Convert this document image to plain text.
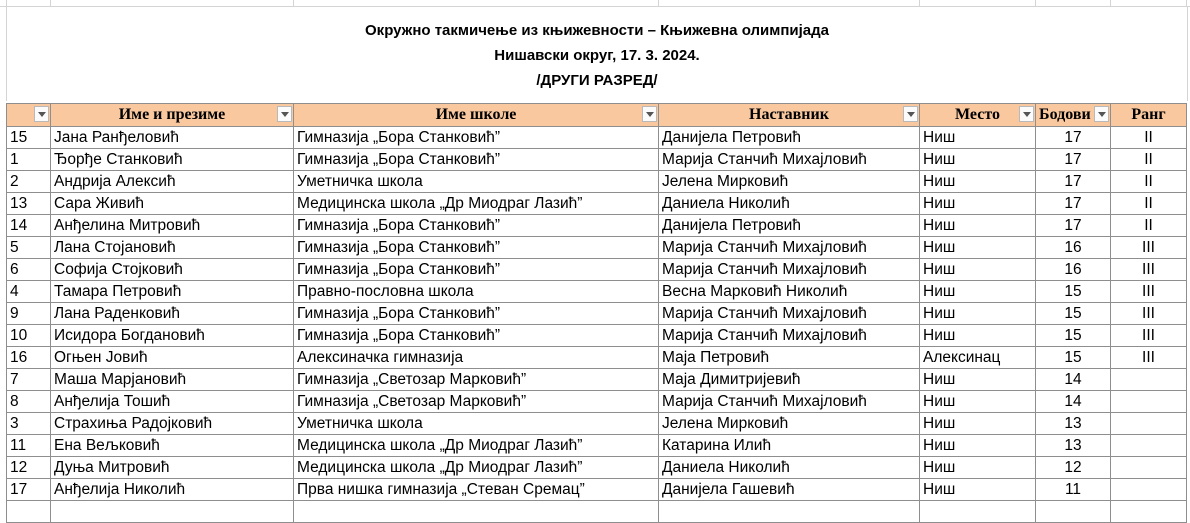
Окружно такмичење из књижевности – Књижевна олимпијада
Нишавски округ, 17. 3. 2024.
/ДРУГИ РАЗРЕД/
	Име и презиме	Име школе	Наставник	Место	Бодови	Ранг
15	Јана Ранђеловић	Гимназија „Бора Станковић”	Данијела Петровић	Ниш	17	II
1	Ђорђе Станковић	Гимназија „Бора Станковић”	Марија Станчић Михајловић	Ниш	17	II
2	Андрија Алексић	Уметничка школа	Јелена Мирковић	Ниш	17	II
13	Сара Живић	Медицинска школа „Др Миодраг Лазић”	Даниела Николић	Ниш	17	II
14	Анђелина Митровић	Гимназија „Бора Станковић”	Данијела Петровић	Ниш	17	II
5	Лана Стојановић	Гимназија „Бора Станковић”	Марија Станчић Михајловић	Ниш	16	III
6	Софија Стојковић	Гимназија „Бора Станковић”	Марија Станчић Михајловић	Ниш	16	III
4	Тамара Петровић	Правно-пословна школа	Весна Марковић Николић	Ниш	15	III
9	Лана Раденковић	Гимназија „Бора Станковић”	Марија Станчић Михајловић	Ниш	15	III
10	Исидора Богдановић	Гимназија „Бора Станковић”	Марија Станчић Михајловић	Ниш	15	III
16	Огњен Јовић	Алексиначка гимназија	Маја Петровић	Алексинац	15	III
7	Маша Марјановић	Гимназија „Светозар Марковић”	Маја Димитријевић	Ниш	14	
8	Анђелија Тошић	Гимназија „Светозар Марковић”	Марија Станчић Михајловић	Ниш	14	
3	Страхиња Радојковић	Уметничка школа	Јелена Мирковић	Ниш	13	
11	Ена Вељковић	Медицинска школа „Др Миодраг Лазић”	Катарина Илић	Ниш	13	
12	Дуња Митровић	Медицинска школа „Др Миодраг Лазић”	Даниела Николић	Ниш	12	
17	Анђелија Николић	Прва нишка гимназија „Стеван Сремац”	Данијела Гашевић	Ниш	11	
